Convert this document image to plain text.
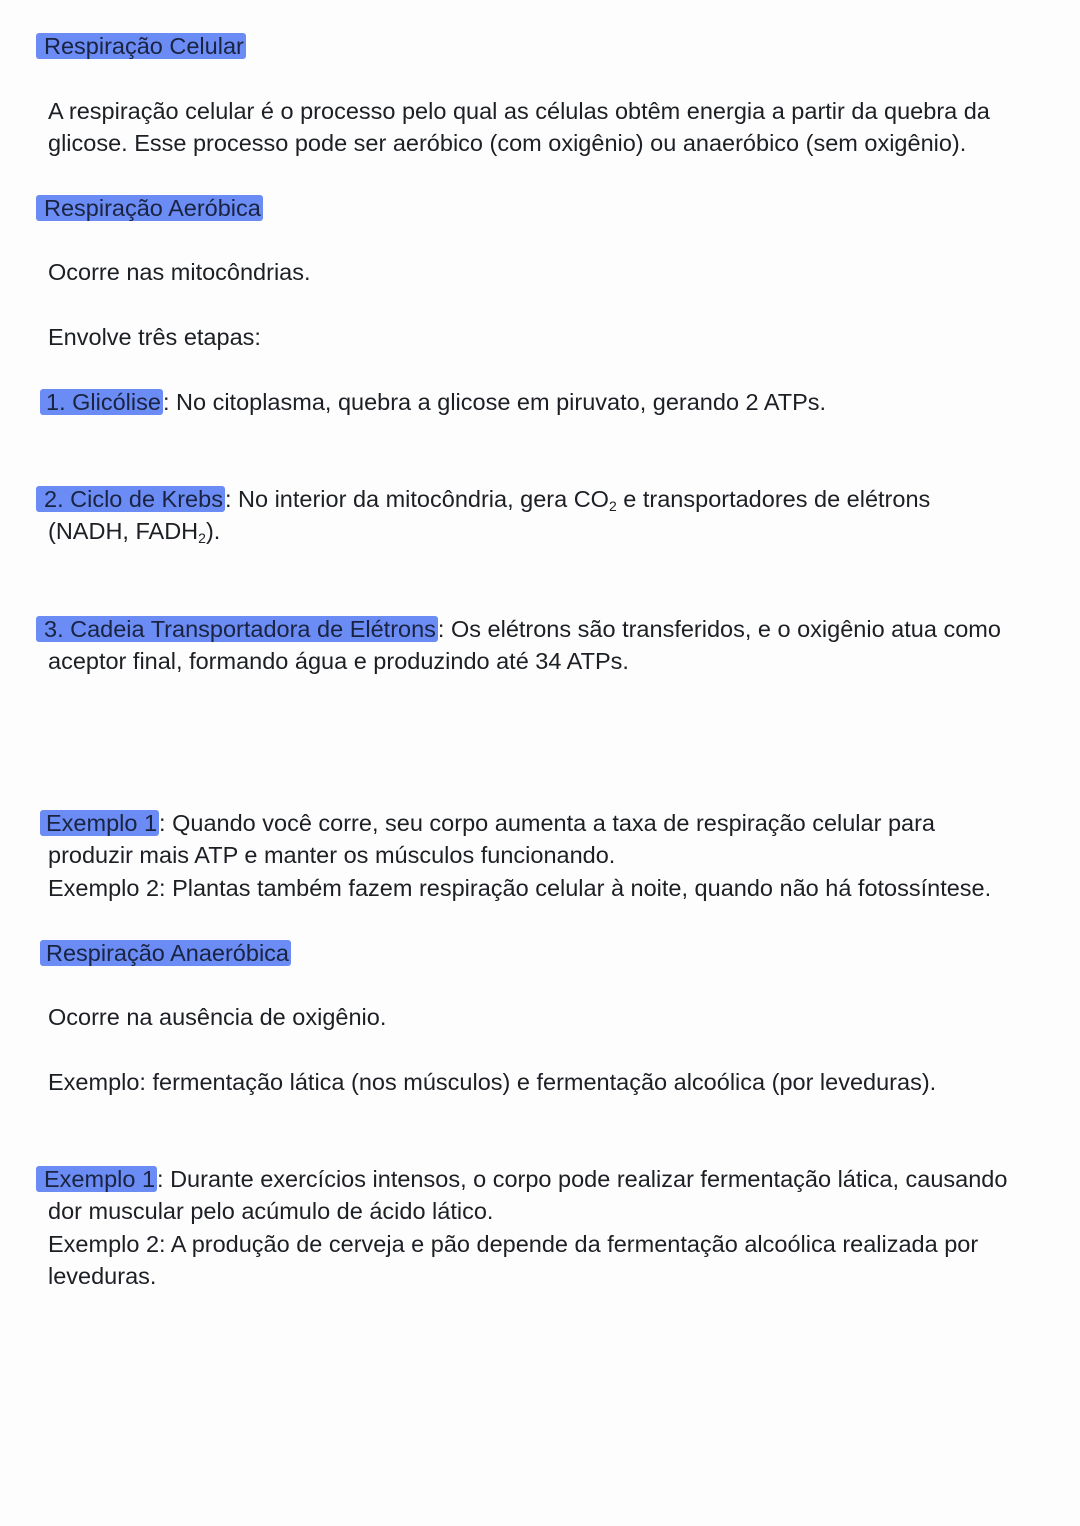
Respiração Celular
A respiração celular é o processo pelo qual as células obtêm energia a partir da quebra da
glicose. Esse processo pode ser aeróbico (com oxigênio) ou anaeróbico (sem oxigênio).
Respiração Aeróbica
Ocorre nas mitocôndrias.
Envolve três etapas:
1. Glicólise: No citoplasma, quebra a glicose em piruvato, gerando 2 ATPs.
2. Ciclo de Krebs: No interior da mitocôndria, gera $CO_2$ e transportadores de elétrons
(NADH, $FADH_2$).
3. Cadeia Transportadora de Elétrons: Os elétrons são transferidos, e o oxigênio atua como
aceptor final, formando água e produzindo até 34 ATPs.
Exemplo 1: Quando você corre, seu corpo aumenta a taxa de respiração celular para
produzir mais ATP e manter os músculos funcionando.
Exemplo 2: Plantas também fazem respiração celular à noite, quando não há fotossíntese.
Respiração Anaeróbica
Ocorre na ausência de oxigênio.
Exemplo: fermentação lática (nos músculos) e fermentação alcoólica (por leveduras).
Exemplo 1: Durante exercícios intensos, o corpo pode realizar fermentação lática, causando
dor muscular pelo acúmulo de ácido lático.
Exemplo 2: A produção de cerveja e pão depende da fermentação alcoólica realizada por
leveduras.
